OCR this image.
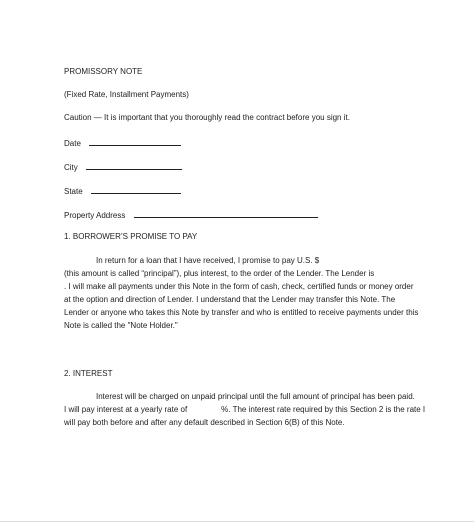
PROMISSORY NOTE
(Fixed Rate, Installment Payments)
Caution — It is important that you thoroughly read the contract before you sign it.
Date
City
State
Property Address
1. BORROWER’S PROMISE TO PAY
In return for a loan that I have received, I promise to pay U.S. $
(this amount is called “principal”), plus interest, to the order of the Lender. The Lender is
. I will make all payments under this Note in the form of cash, check, certified funds or money order
at the option and direction of Lender. I understand that the Lender may transfer this Note. The
Lender or anyone who takes this Note by transfer and who is entitled to receive payments under this
Note is called the "Note Holder."
2. INTEREST
Interest will be charged on unpaid principal until the full amount of principal has been paid.
I will pay interest at a yearly rate of	%. The interest rate required by this Section 2 is the rate I
will pay both before and after any default described in Section 6(B) of this Note.
